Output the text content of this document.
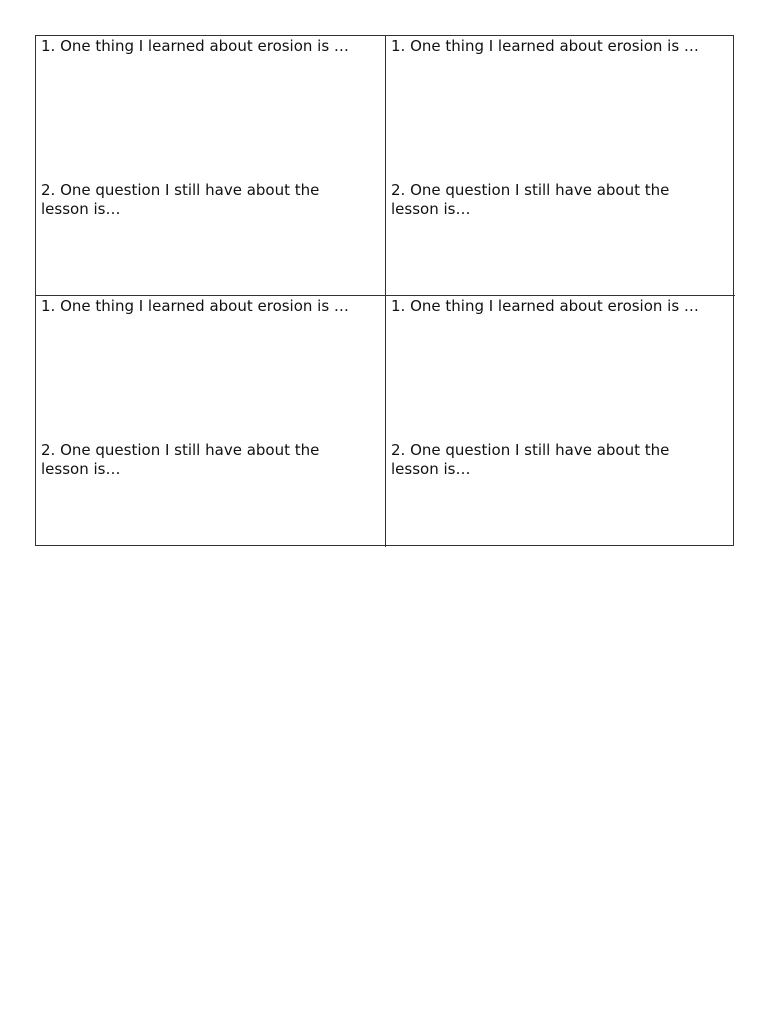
1. One thing I learned about erosion is …
2. One question I still have about the lesson is…
1. One thing I learned about erosion is …
2. One question I still have about the lesson is…
1. One thing I learned about erosion is …
2. One question I still have about the lesson is…
1. One thing I learned about erosion is …
2. One question I still have about the lesson is…
